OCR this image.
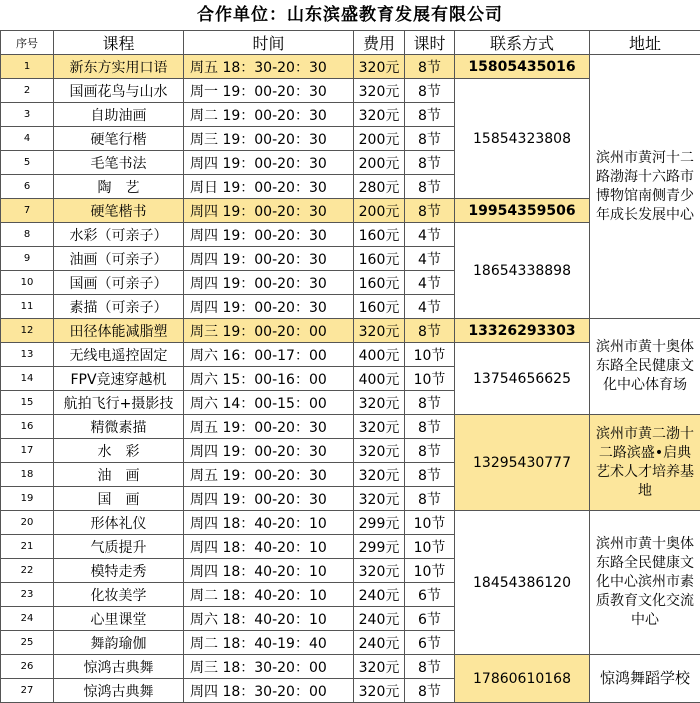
合作单位：山东滨盛教育发展有限公司
序号	课程	时间	费用	课时	联系方式	地址
1	新东方实用口语	周五 18：30-20：30	320元	8节	15805435016	滨州市黄河十二路渤海十六路市博物馆南侧青少年成长发展中心
2	国画花鸟与山水	周一 19：00-20：30	320元	8节	15854323808	
3	自助油画	周二 19：00-20：30	320元	8节		
4	硬笔行楷	周三 19：00-20：30	200元	8节		
5	毛笔书法	周四 19：00-20：30	200元	8节		
6	陶　艺	周日 19：00-20：30	280元	8节		
7	硬笔楷书	周四 19：00-20：30	200元	8节	19954359506	
8	水彩（可亲子）	周四 19：00-20：30	160元	4节	18654338898	
9	油画（可亲子）	周四 19：00-20：30	160元	4节		
10	国画（可亲子）	周四 19：00-20：30	160元	4节		
11	素描（可亲子）	周四 19：00-20：30	160元	4节		
12	田径体能减脂塑	周三 19：00-20：00	320元	8节	13326293303	滨州市黄十奥体东路全民健康文化中心体育场
13	无线电遥控固定	周六 16：00-17：00	400元	10节	13754656625	
14	FPV竞速穿越机	周六 15：00-16：00	400元	10节		
15	航拍飞行+摄影技	周六 14：00-15：00	320元	8节		
16	精微素描	周五 19：00-20：30	320元	8节	13295430777	滨州市黄二渤十二路滨盛•启典艺术人才培养基地
17	水　彩	周四 19：00-20：30	320元	8节		
18	油　画	周五 19：00-20：30	320元	8节		
19	国　画	周四 19：00-20：30	320元	8节		
20	形体礼仪	周四 18：40-20：10	299元	10节	18454386120	滨州市黄十奥体东路全民健康文化中心滨州市素质教育文化交流中心
21	气质提升	周四 18：40-20：10	299元	10节		
22	模特走秀	周四 18：40-20：10	320元	10节		
23	化妆美学	周二 18：40-20：10	240元	6节		
24	心里课堂	周六 18：40-20：10	240元	6节		
25	舞韵瑜伽	周二 18：40-19：40	240元	6节		
26	惊鸿古典舞	周三 18：30-20：00	320元	8节	17860610168	惊鸿舞蹈学校
27	惊鸿古典舞	周四 18：30-20：00	320元	8节		
